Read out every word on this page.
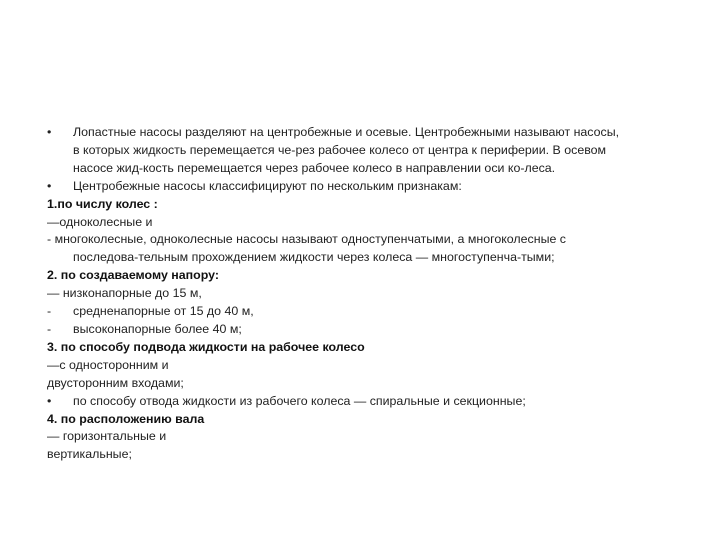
•	Лопастные насосы разделяют на центробежные и осевые. Центробежными называют насосы,
в которых жидкость перемещается че-рез рабочее колесо от центра к периферии. В осевом
насосе жид-кость перемещается через рабочее колесо в направлении оси ко-леса.
•	Центробежные насосы классифицируют по нескольким признакам:
1.по числу колес :
—одноколесные и
- многоколесные, одноколесные насосы называют одноступенчатыми, а многоколесные с
последова-тельным прохождением жидкости через колеса — многоступенча-тыми;
2. по создаваемому напору:
— низконапорные до 15 м,
-	средненапорные от 15 до 40 м,
-	высоконапорные более 40 м;
3. по способу подвода жидкости на рабочее колесо
—с односторонним и
двусторонним входами;
•	по способу отвода жидкости из рабочего колеса — спиральные и секционные;
4. по расположению вала
— горизонтальные и
вертикальные;
